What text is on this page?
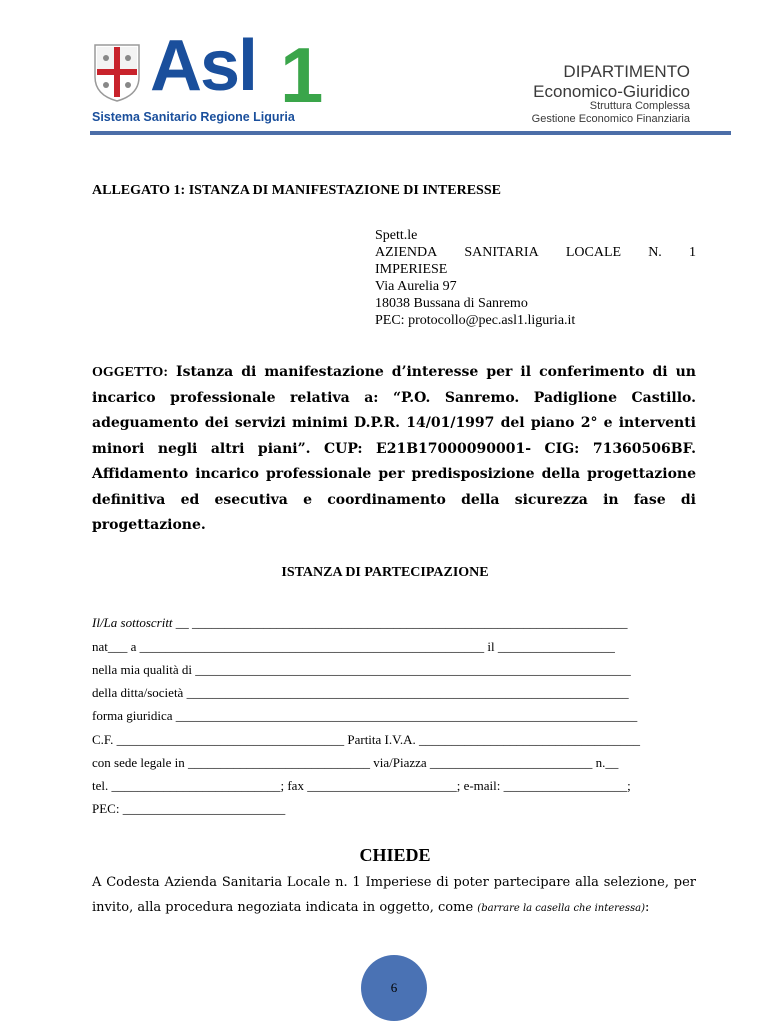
Asl 1
Sistema Sanitario Regione Liguria
DIPARTIMENTO
Economico-Giuridico
Struttura Complessa
Gestione Economico Finanziaria
ALLEGATO 1: ISTANZA DI MANIFESTAZIONE DI INTERESSE
Spett.le
AZIENDA SANITARIA LOCALE N. 1
IMPERIESE
Via Aurelia 97
18038 Bussana di Sanremo
PEC: protocollo@pec.asl1.liguria.it
OGGETTO: Istanza di manifestazione d’interesse per il conferimento di un incarico professionale relativa a: “P.O. Sanremo. Padiglione Castillo. adeguamento dei servizi minimi D.P.R. 14/01/1997 del piano 2° e interventi minori negli altri piani”. CUP: E21B17000090001- CIG: 71360506BF. Affidamento incarico professionale per predisposizione della progettazione definitiva ed esecutiva e coordinamento della sicurezza in fase di progettazione.
ISTANZA DI PARTECIPAZIONE
Il/La sottoscritt __ ___________________________________________________________________
nat___ a _____________________________________________________ il __________________
nella mia qualità di ___________________________________________________________________
della ditta/società ____________________________________________________________________
forma giuridica _______________________________________________________________________
C.F. ___________________________________ Partita I.V.A. __________________________________
con sede legale in ____________________________ via/Piazza _________________________ n.__
tel. __________________________; fax _______________________; e-mail: ___________________;
PEC: _________________________
CHIEDE
A Codesta Azienda Sanitaria Locale n. 1 Imperiese di poter partecipare alla selezione, per invito, alla procedura negoziata indicata in oggetto, come (barrare la casella che interessa):
6
